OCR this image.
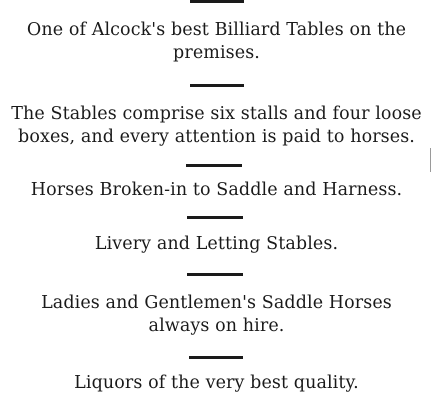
One of Alcock's best Billiard Tables on the
premises.
The Stables comprise six stalls and four loose
boxes, and every attention is paid to horses.
Horses Broken-in to Saddle and Harness.
Livery and Letting Stables.
Ladies and Gentlemen's Saddle Horses
always on hire.
Liquors of the very best quality.
